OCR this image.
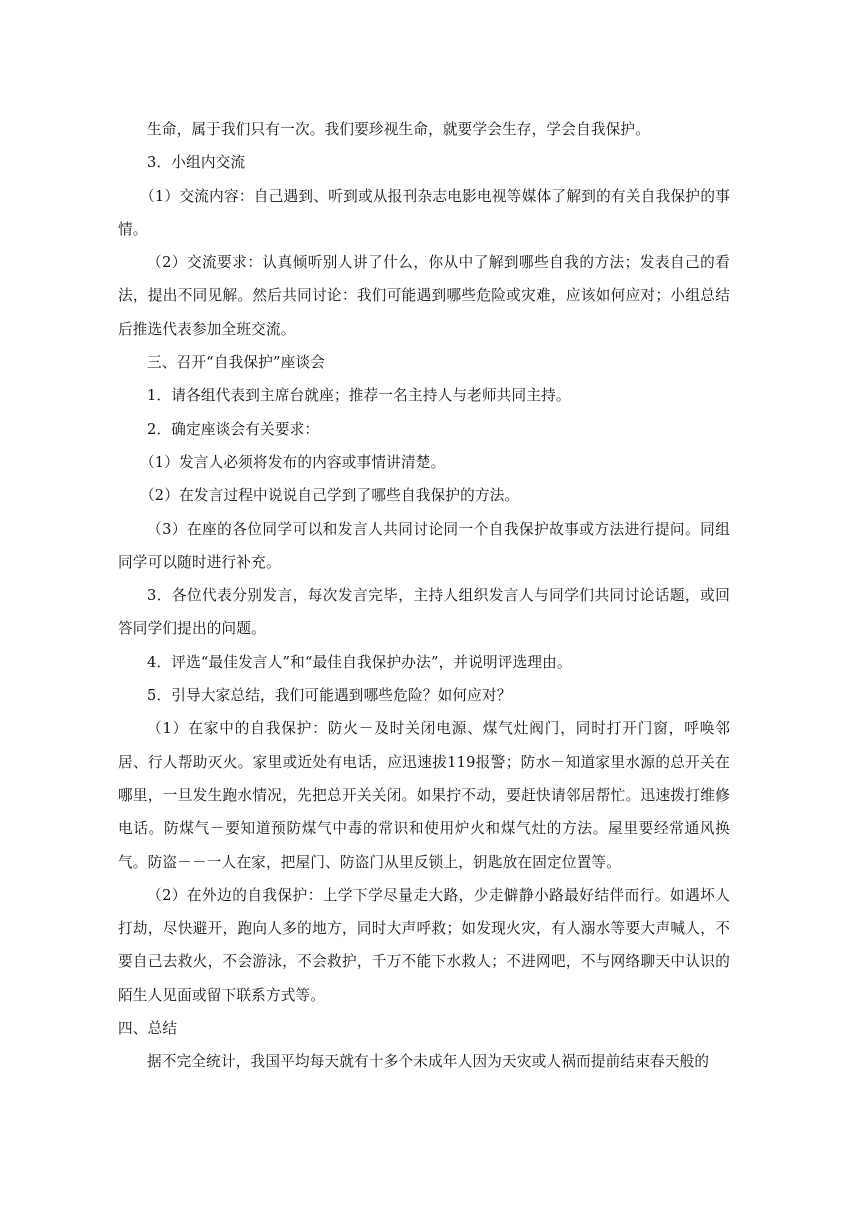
生命，属于我们只有一次。我们要珍视生命，就要学会生存，学会自我保护。

3．小组内交流

（1）交流内容：自己遇到、听到或从报刊杂志电影电视等媒体了解到的有关自我保护的事情。

（2）交流要求：认真倾听别人讲了什么，你从中了解到哪些自我的方法；发表自己的看法，提出不同见解。然后共同讨论：我们可能遇到哪些危险或灾难，应该如何应对；小组总结后推选代表参加全班交流。

三、召开“自我保护”座谈会

1．请各组代表到主席台就座；推荐一名主持人与老师共同主持。

2．确定座谈会有关要求：

（1）发言人必须将发布的内容或事情讲清楚。

（2）在发言过程中说说自己学到了哪些自我保护的方法。

（3）在座的各位同学可以和发言人共同讨论同一个自我保护故事或方法进行提问。同组同学可以随时进行补充。

3．各位代表分别发言，每次发言完毕，主持人组织发言人与同学们共同讨论话题，或回答同学们提出的问题。

4．评选“最佳发言人”和“最佳自我保护办法”，并说明评选理由。

5．引导大家总结，我们可能遇到哪些危险？如何应对？

（1）在家中的自我保护：防火－及时关闭电源、煤气灶阀门，同时打开门窗，呼唤邻居、行人帮助灭火。家里或近处有电话，应迅速拔119报警；防水－知道家里水源的总开关在哪里，一旦发生跑水情况，先把总开关关闭。如果拧不动，要赶快请邻居帮忙。迅速拨打维修电话。防煤气－要知道预防煤气中毒的常识和使用炉火和煤气灶的方法。屋里要经常通风换气。防盗－－一人在家，把屋门、防盗门从里反锁上，钥匙放在固定位置等。

（2）在外边的自我保护：上学下学尽量走大路，少走僻静小路最好结伴而行。如遇坏人打劫，尽快避开，跑向人多的地方，同时大声呼救；如发现火灾，有人溺水等要大声喊人，不要自己去救火，不会游泳，不会救护，千万不能下水救人；不进网吧，不与网络聊天中认识的陌生人见面或留下联系方式等。

四、总结

据不完全统计，我国平均每天就有十多个未成年人因为天灾或人祸而提前结束春天般的
